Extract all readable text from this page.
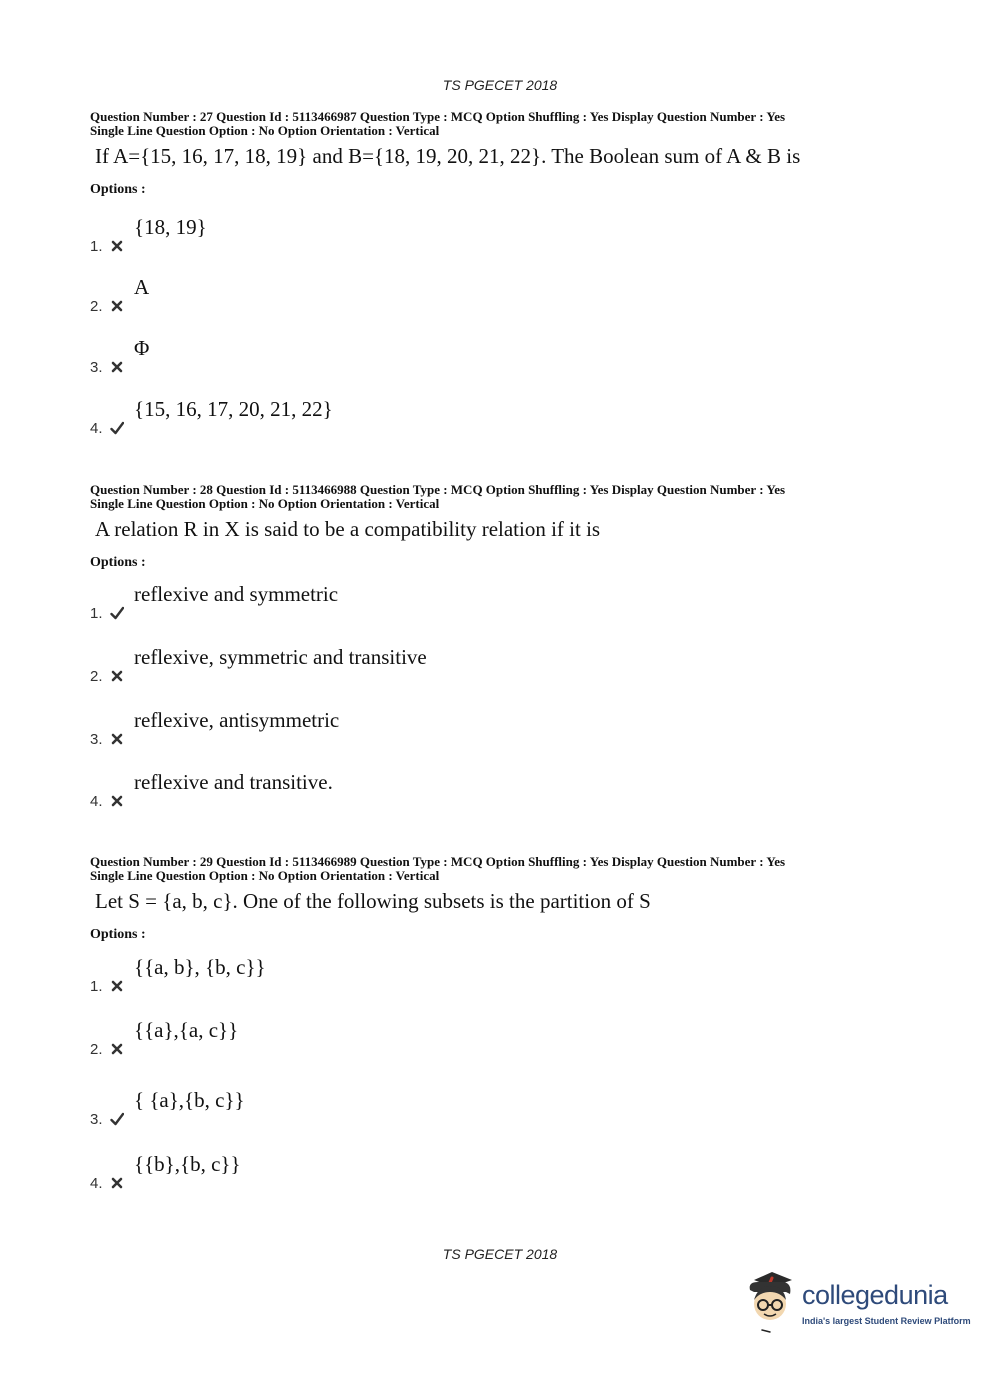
TS PGECET 2018
Question Number : 27 Question Id : 5113466987 Question Type : MCQ Option Shuffling : Yes Display Question Number : Yes
Single Line Question Option : No Option Orientation : Vertical
If A={15, 16, 17, 18, 19} and B={18, 19, 20, 21, 22}. The Boolean sum of A & B is
Options :
1.
{18, 19}
2.
A
3.
Φ
4.
{15, 16, 17, 20, 21, 22}
Question Number : 28 Question Id : 5113466988 Question Type : MCQ Option Shuffling : Yes Display Question Number : Yes
Single Line Question Option : No Option Orientation : Vertical
A relation R in X is said to be a compatibility relation if it is
Options :
1.
reflexive and symmetric
2.
reflexive, symmetric and transitive
3.
reflexive, antisymmetric
4.
reflexive and transitive.
Question Number : 29 Question Id : 5113466989 Question Type : MCQ Option Shuffling : Yes Display Question Number : Yes
Single Line Question Option : No Option Orientation : Vertical
Let S = {a, b, c}. One of the following subsets is the partition of S
Options :
1.
{{a, b}, {b, c}}
2.
{{a},{a, c}}
3.
{ {a},{b, c}}
4.
{{b},{b, c}}
TS PGECET 2018
collegedunia
India's largest Student Review Platform
